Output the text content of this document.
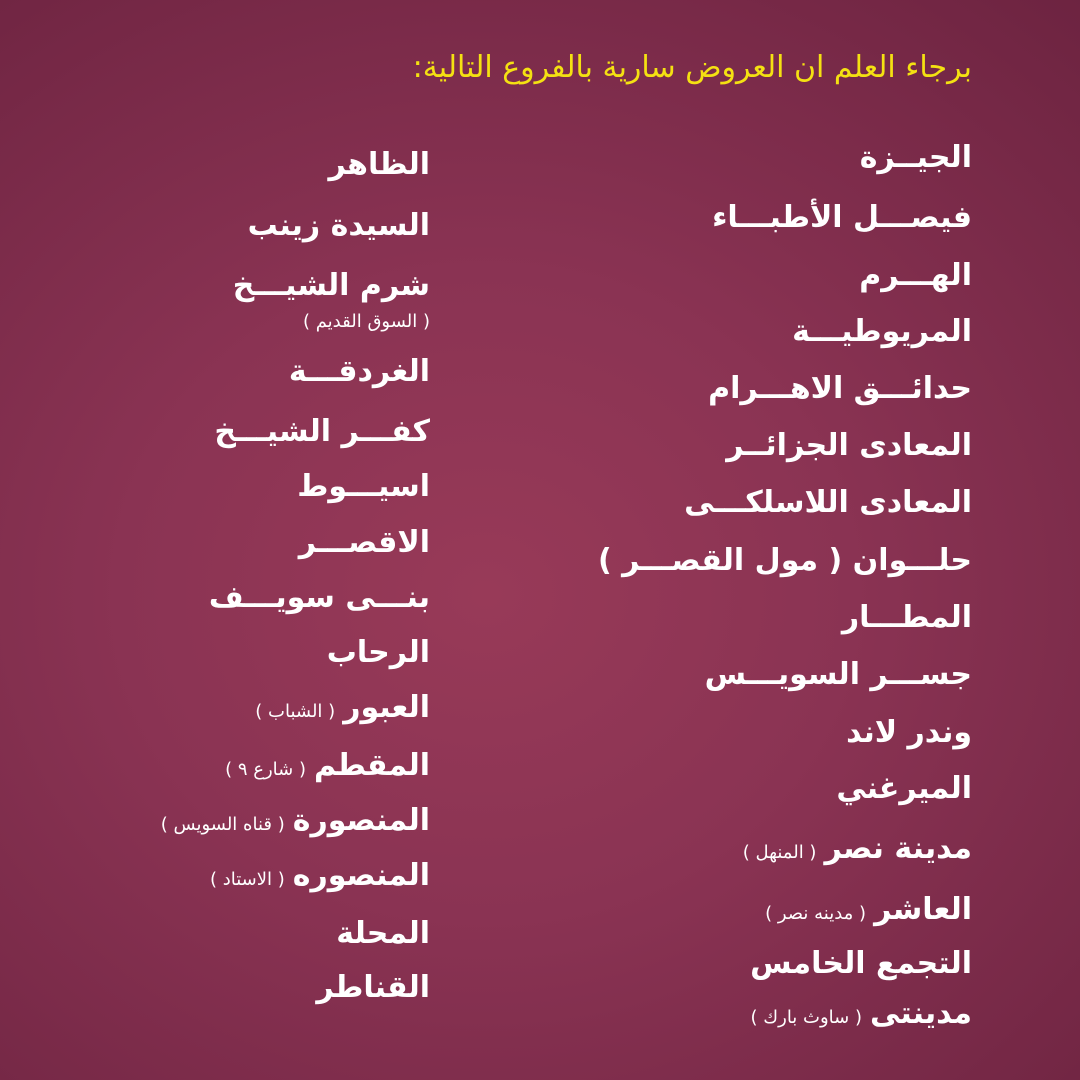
برجاء العلم ان العروض سارية بالفروع التالية:
الجيــزة
فيصـــل الأطبـــاء
الهـــرم
المريوطيـــة
حدائـــق الاهـــرام
المعادى الجزائــر
المعادى اللاسلكـــى
حلـــوان ( مول القصـــر )
المطـــار
جســـر السويـــس
وندر لاند
الميرغني
مدينة نصر( المنهل )
العاشر( مدينه نصر )
التجمع الخامس
مدينتى( ساوث بارك )
الظاهر
السيدة زينب
شرم الشيـــخ
( السوق القديم )
الغردقـــة
كفـــر الشيـــخ
اسيـــوط
الاقصـــر
بنـــى سويـــف
الرحاب
العبور( الشباب )
المقطم( شارع ٩ )
المنصورة( قناه السويس )
المنصوره( الاستاد )
المحلة
القناطر
